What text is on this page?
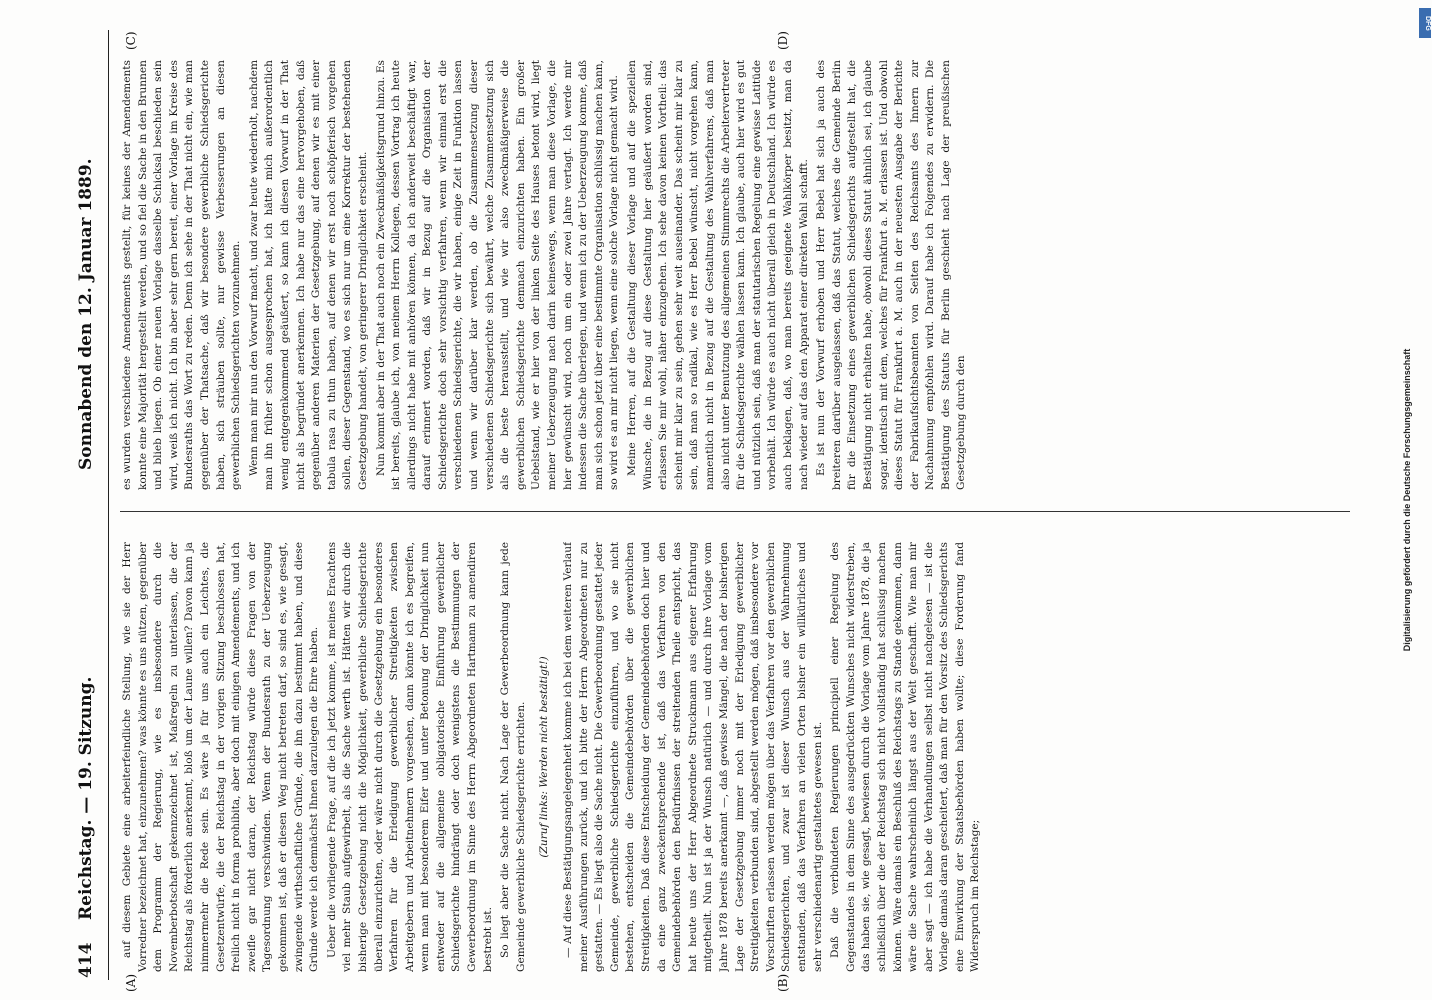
414
Reichstag. — 19. Sitzung.
Sonnabend den 12. Januar 1889.

auf diesem Gebiete eine arbeiterfeindliche Stellung, wie sie der Herr Vorredner bezeichnet hat, einzunehmen? was könnte es uns nützen, gegenüber dem Programm der Regierung, wie es insbesondere durch die Novemberbotschaft gekennzeichnet ist, Maßregeln zu unterlassen, die der Reichstag als förderlich anerkennt, bloß um der Laune willen? Davon kann ja nimmermehr die Rede sein. Es wäre ja für uns auch ein Leichtes, die Gesetzentwürfe, die der Reichstag in der vorigen Sitzung beschlossen hat, freilich nicht in forma prohibita, aber doch mit einigen Amendements, und ich zweifle gar nicht daran, der Reichstag würde diese Fragen von der Tagesordnung verschwinden. Wenn der Bundesrath zu der Ueberzeugung gekommen ist, daß er diesen Weg nicht betreten darf, so sind es, wie gesagt, zwingende wirthschaftliche Gründe, die ihn dazu bestimmt haben, und diese Gründe werde ich demnächst Ihnen darzulegen die Ehre haben. Ueber die vorliegende Frage, auf die ich jetzt komme, ist meines Erachtens viel mehr Staub aufgewirbelt, als die Sache werth ist. Hätten wir durch die bisherige Gesetzgebung nicht die Möglichkeit, gewerbliche Schiedsgerichte überall einzurichten, oder wäre nicht durch die Gesetzgebung ein besonderes Verfahren für die Erledigung gewerblicher Streitigkeiten zwischen Arbeitgebern und Arbeitnehmern vorgesehen, dann könnte ich es begreifen, wenn man mit besonderem Eifer und unter Betonung der Dringlichkeit nun entweder auf die allgemeine obligatorische Einführung gewerblicher Schiedsgerichte hindrängt oder doch wenigstens die Bestimmungen der Gewerbeordnung im Sinne des Herrn Abgeordneten Hartmann zu amendiren bestrebt ist. So liegt aber die Sache nicht. Nach Lage der Gewerbeordnung kann jede Gemeinde gewerbliche Schiedsgerichte errichten. (Zuruf links: Werden nicht bestätigt!) — Auf diese Bestätigungsangelegenheit komme ich bei dem weiteren Verlauf meiner Ausführungen zurück, und ich bitte der Herrn Abgeordneten nur zu gestatten. — Es liegt also die Sache nicht. Die Gewerbeordnung gestattet jeder Gemeinde, gewerbliche Schiedsgerichte einzuführen, und wo sie nicht bestehen, entscheiden die Gemeindebehörden über die gewerblichen Streitigkeiten. Daß diese Entscheidung der Gemeindebehörden doch hier und da eine ganz zweckentsprechende ist, daß das Verfahren von den Gemeindebehörden den Bedürfnissen der streitenden Theile entspricht, das hat heute uns der Herr Abgeordnete Struckmann aus eigener Erfahrung mitgetheilt. Nun ist ja der Wunsch natürlich — und durch ihre Vorlage vom Jahre 1878 bereits anerkannt —, daß gewisse Mängel, die nach der bisherigen Lage der Gesetzgebung immer noch mit der Erledigung gewerblicher Streitigkeiten verbunden sind, abgestellt werden mögen, daß insbesondere vor Vorschriften erlassen werden mögen über das Verfahren vor den gewerblichen Schiedsgerichten, und zwar ist dieser Wunsch aus der Wahrnehmung entstanden, daß das Verfahren an vielen Orten bisher ein willkürliches und sehr verschiedenartig gestaltetes gewesen ist. Daß die verbündeten Regierungen principiell einer Regelung des Gegenstandes in dem Sinne des ausgedrückten Wunsches nicht widerstreben, das haben sie, wie gesagt, bewiesen durch die Vorlage vom Jahre 1878, die ja schließlich über die der Reichstag sich nicht vollständig hat schlüssig machen können. Wäre damals ein Beschluß des Reichstags zu Stande gekommen, dann wäre die Sache wahrscheinlich längst aus der Welt geschafft. Wie man mir aber sagt — ich habe die Verhandlungen selbst nicht nachgelesen — ist die Vorlage damals daran gescheitert, daß man für den Vorsitz des Schiedsgerichts eine Einwirkung der Staatsbehörden haben wollte; diese Forderung fand Widerspruch im Reichstage;

es wurden verschiedene Amendements gestellt, für keines der Amendements konnte eine Majorität hergestellt werden, und so fiel die Sache in den Brunnen und blieb liegen. Ob einer neuen Vorlage dasselbe Schicksal beschieden sein wird, weiß ich nicht. Ich bin aber sehr gern bereit, einer Vorlage im Kreise des Bundesraths das Wort zu reden. Denn ich sehe in der That nicht ein, wie man gegenüber der Thatsache, daß wir besondere gewerbliche Schiedsgerichte haben, sich sträuben sollte, nur gewisse Verbesserungen an diesen gewerblichen Schiedsgerichten vorzunehmen. Wenn man mir nun den Vorwurf macht, und zwar heute wiederholt, nachdem man ihn früher schon ausgesprochen hat, ich hätte mich außerordentlich wenig entgegenkommend geäußert, so kann ich diesen Vorwurf in der That nicht als begründet anerkennen. Ich habe nur das eine hervorgehoben, daß gegenüber anderen Materien der Gesetzgebung, auf denen wir es mit einer tabula rasa zu thun haben, auf denen wir erst noch schöpferisch vorgehen sollen, dieser Gegenstand, wo es sich nur um eine Korrektur der bestehenden Gesetzgebung handelt, von geringerer Dringlichkeit erscheint. Nun kommt aber in der That auch noch ein Zweckmäßigkeitsgrund hinzu. Es ist bereits, glaube ich, von meinem Herrn Kollegen, dessen Vortrag ich heute allerdings nicht habe mit anhören können, da ich anderweit beschäftigt war, darauf erinnert worden, daß wir in Bezug auf die Organisation der Schiedsgerichte doch sehr vorsichtig verfahren, wenn wir einmal erst die verschiedenen Schiedsgerichte, die wir haben, einige Zeit in Funktion lassen und wenn wir darüber klar werden, ob die Zusammensetzung dieser verschiedenen Schiedsgerichte sich bewährt, welche Zusammensetzung sich als die beste herausstellt, und wie wir also zweckmäßigerweise die gewerblichen Schiedsgerichte demnach einzurichten haben. Ein großer Uebelstand, wie er hier von der linken Seite des Hauses betont wird, liegt meiner Ueberzeugung nach darin keineswegs, wenn man diese Vorlage, die hier gewünscht wird, noch um ein oder zwei Jahre vertagt. Ich werde mir indessen die Sache überlegen, und wenn ich zu der Ueberzeugung komme, daß man sich schon jetzt über eine bestimmte Organisation schlüssig machen kann, so wird es an mir nicht liegen, wenn eine solche Vorlage nicht gemacht wird. Meine Herren, auf die Gestaltung dieser Vorlage und auf die speziellen Wünsche, die in Bezug auf diese Gestaltung hier geäußert worden sind, erlassen Sie mir wohl, näher einzugehen. Ich sehe davon keinen Vortheil: das scheint mir klar zu sein, gehen sehr weit auseinander. Das scheint mir klar zu sein, daß man so radikal, wie es Herr Bebel wünscht, nicht vorgehen kann, namentlich nicht in Bezug auf die Gestaltung des Wahlverfahrens, daß man also nicht unter Benutzung des allgemeinen Stimmrechts die Arbeitervertreter für die Schiedsgerichte wählen lassen kann. Ich glaube, auch hier wird es gut und nützlich sein, daß man der statutarischen Regelung eine gewisse Latitüde vorbehält. Ich würde es auch nicht überall gleich in Deutschland. Ich würde es auch beklagen, daß, wo man bereits geeignete Wahlkörper besitzt, man da nach wieder auf das den Apparat einer direkten Wahl schafft. Es ist nun der Vorwurf erhoben und Herr Bebel hat sich ja auch des breiteren darüber ausgelassen, daß das Statut, welches die Gemeinde Berlin für die Einsetzung eines gewerblichen Schiedsgerichts aufgestellt hat, die Bestätigung nicht erhalten habe, obwohl dieses Statut ähnlich sei, ich glaube sogar, identisch mit dem, welches für Frankfurt a. M. erlassen ist. Und obwohl dieses Statut für Frankfurt a. M. auch in der neuesten Ausgabe der Berichte der Fabrikaufsichtsbeamten von Seiten des Reichsamts des Innern zur Nachahmung empfohlen wird. Darauf habe ich Folgendes zu erwidern. Die Bestätigung des Statuts für Berlin geschieht nach Lage der preußischen Gesetzgebung durch den

(A)	(B)
(C)	(D)
DFG
Digitalisierung gefördert durch die Deutsche Forschungsgemeinschaft
